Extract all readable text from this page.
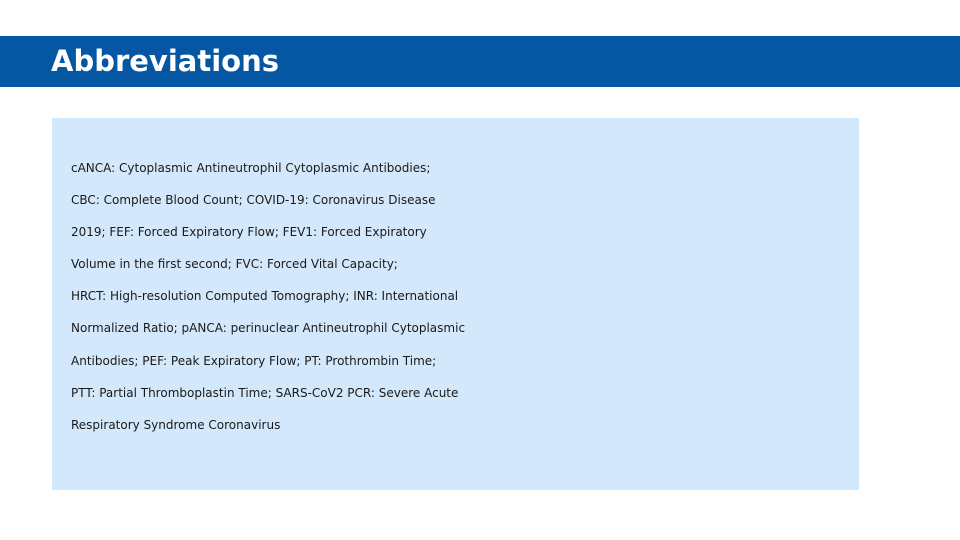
Abbreviations

cANCA: Cytoplasmic Antineutrophil Cytoplasmic Antibodies;
CBC: Complete Blood Count; COVID-19: Coronavirus Disease
2019; FEF: Forced Expiratory Flow; FEV1: Forced Expiratory
Volume in the first second; FVC: Forced Vital Capacity;
HRCT: High-resolution Computed Tomography; INR: International
Normalized Ratio; pANCA: perinuclear Antineutrophil Cytoplasmic
Antibodies; PEF: Peak Expiratory Flow; PT: Prothrombin Time;
PTT: Partial Thromboplastin Time; SARS-CoV2 PCR: Severe Acute
Respiratory Syndrome Coronavirus
